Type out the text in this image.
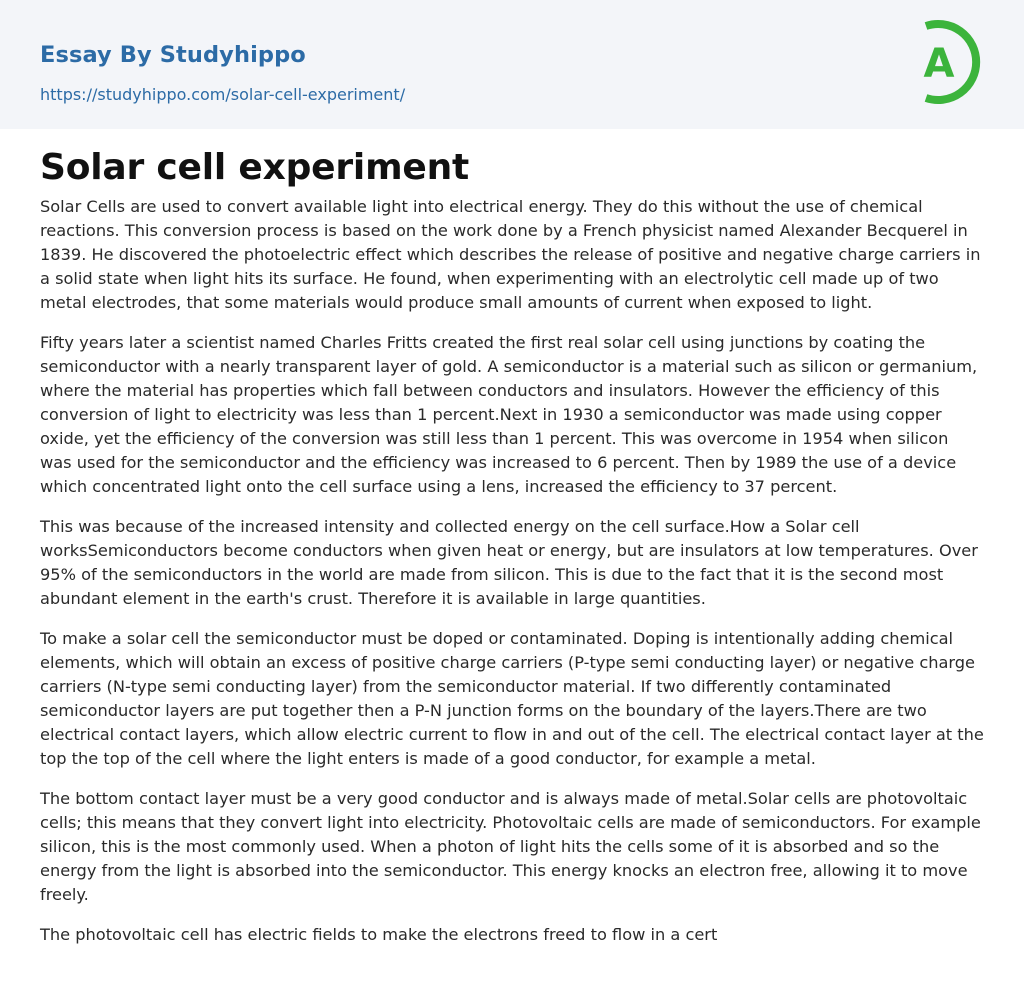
Essay By Studyhippo
https://studyhippo.com/solar-cell-experiment/
A
Solar cell experiment

Solar Cells are used to convert available light into electrical energy. They do this without the use of chemical reactions. This conversion process is based on the work done by a French physicist named Alexander Becquerel in 1839. He discovered the photoelectric effect which describes the release of positive and negative charge carriers in a solid state when light hits its surface. He found, when experimenting with an electrolytic cell made up of two metal electrodes, that some materials would produce small amounts of current when exposed to light.

Fifty years later a scientist named Charles Fritts created the first real solar cell using junctions by coating the semiconductor with a nearly transparent layer of gold. A semiconductor is a material such as silicon or germanium, where the material has properties which fall between conductors and insulators. However the efficiency of this conversion of light to electricity was less than 1 percent.Next in 1930 a semiconductor was made using copper oxide, yet the efficiency of the conversion was still less than 1 percent. This was overcome in 1954 when silicon was used for the semiconductor and the efficiency was increased to 6 percent. Then by 1989 the use of a device which concentrated light onto the cell surface using a lens, increased the efficiency to 37 percent.

This was because of the increased intensity and collected energy on the cell surface.How a Solar cell worksSemiconductors become conductors when given heat or energy, but are insulators at low temperatures. Over 95% of the semiconductors in the world are made from silicon. This is due to the fact that it is the second most abundant element in the earth's crust. Therefore it is available in large quantities.

To make a solar cell the semiconductor must be doped or contaminated. Doping is intentionally adding chemical elements, which will obtain an excess of positive charge carriers (P-type semi conducting layer) or negative charge carriers (N-type semi conducting layer) from the semiconductor material. If two differently contaminated semiconductor layers are put together then a P-N junction forms on the boundary of the layers.There are two electrical contact layers, which allow electric current to flow in and out of the cell. The electrical contact layer at the top the top of the cell where the light enters is made of a good conductor, for example a metal.

The bottom contact layer must be a very good conductor and is always made of metal.Solar cells are photovoltaic cells; this means that they convert light into electricity. Photovoltaic cells are made of semiconductors. For example silicon, this is the most commonly used. When a photon of light hits the cells some of it is absorbed and so the energy from the light is absorbed into the semiconductor. This energy knocks an electron free, allowing it to move freely.

The photovoltaic cell has electric fields to make the electrons freed to flow in a cert
